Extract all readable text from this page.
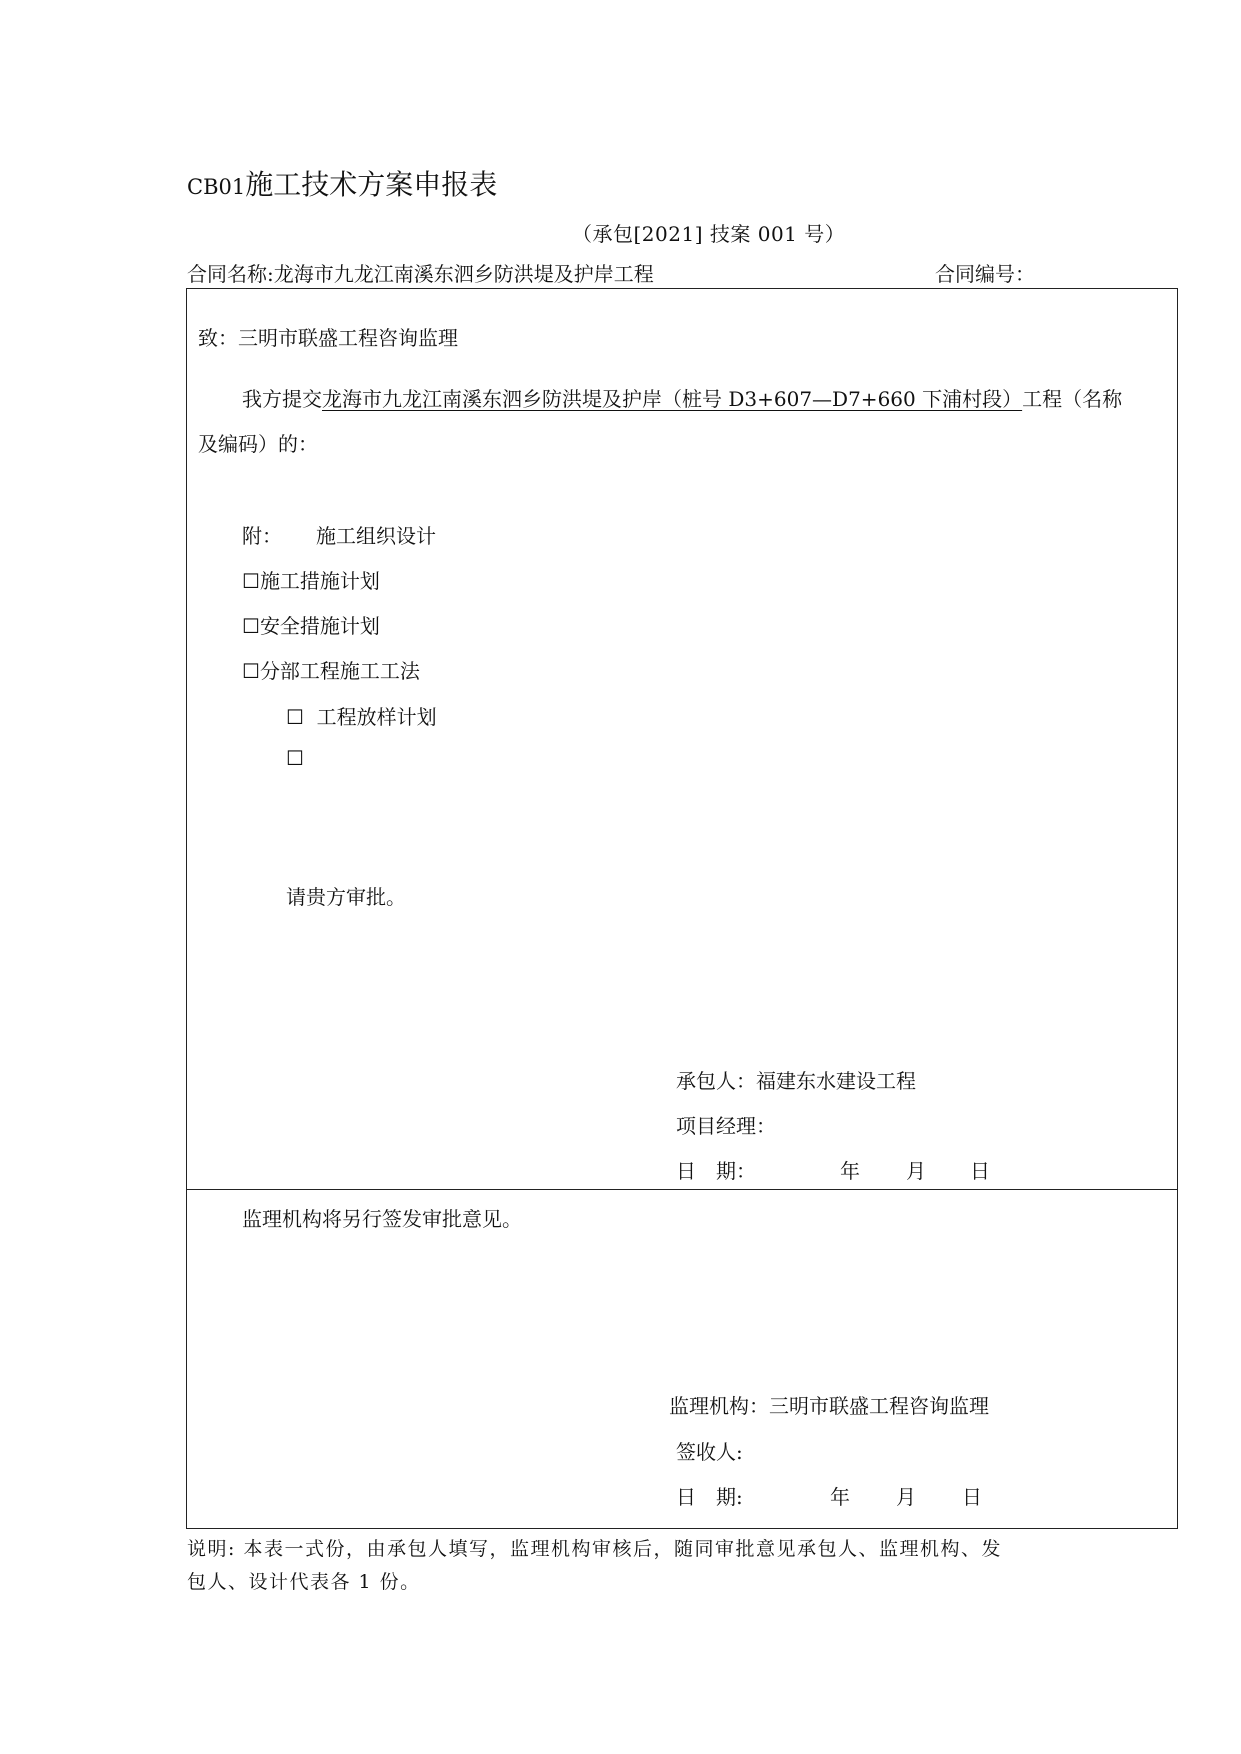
CB01施工技术方案申报表
（承包[2021] 技案 001 号）
合同名称:龙海市九龙江南溪东泗乡防洪堤及护岸工程	合同编号：
致：三明市联盛工程咨询监理
我方提交龙海市九龙江南溪东泗乡防洪堤及护岸（桩号 D3+607—D7+660 下浦村段）工程（名称
及编码）的：
附： 施工组织设计
☐施工措施计划
☐安全措施计划
☐分部工程施工工法
☐ 工程放样计划
☐
请贵方审批。
承包人：福建东水建设工程
项目经理：
日　期：	年 月 日
监理机构将另行签发审批意见。
监理机构：三明市联盛工程咨询监理
签收人:
日　期:	年 月 日
说明: 本表一式份，由承包人填写，监理机构审核后，随同审批意见承包人、监理机构、发
包人、设计代表各 1 份。
